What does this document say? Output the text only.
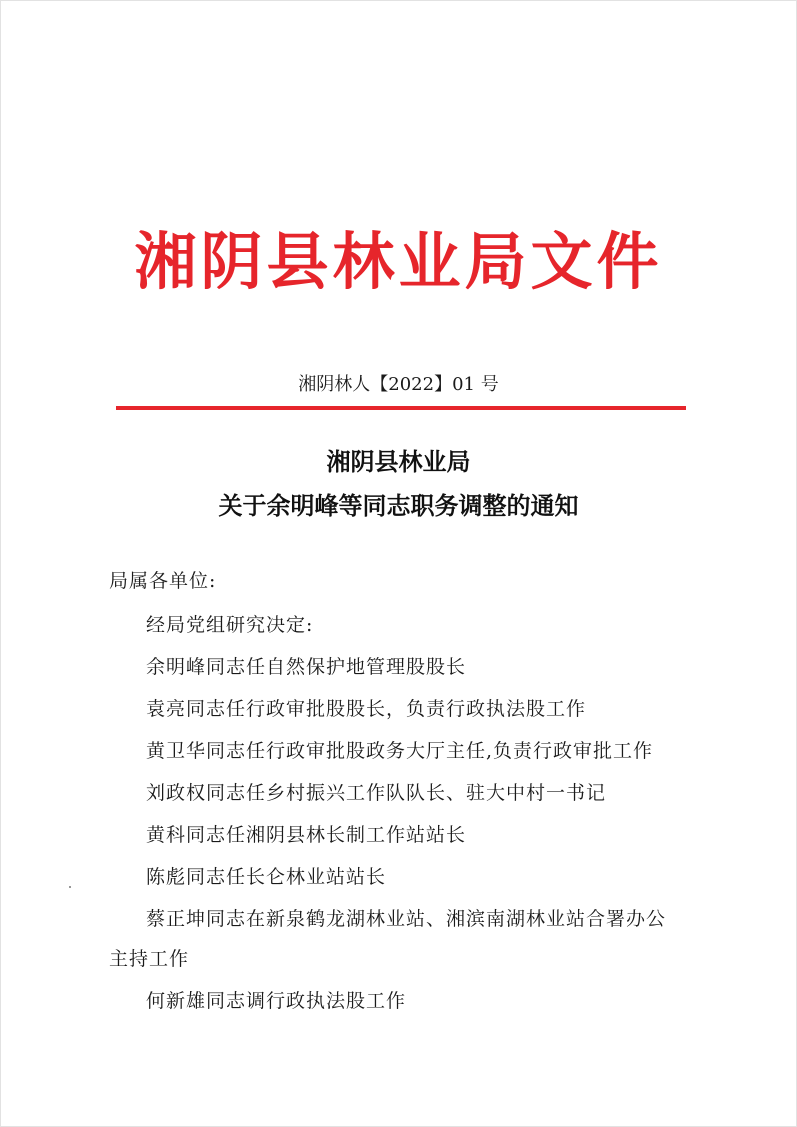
湘阴县林业局文件
湘阴林人【2022】01 号
湘阴县林业局
关于余明峰等同志职务调整的通知
局属各单位:
经局党组研究决定:
余明峰同志任自然保护地管理股股长
袁亮同志任行政审批股股长，负责行政执法股工作
黄卫华同志任行政审批股政务大厅主任,负责行政审批工作
刘政权同志任乡村振兴工作队队长、驻大中村一书记
黄科同志任湘阴县林长制工作站站长
陈彪同志任长仑林业站站长
蔡正坤同志在新泉鹤龙湖林业站、湘滨南湖林业站合署办公
主持工作
何新雄同志调行政执法股工作
